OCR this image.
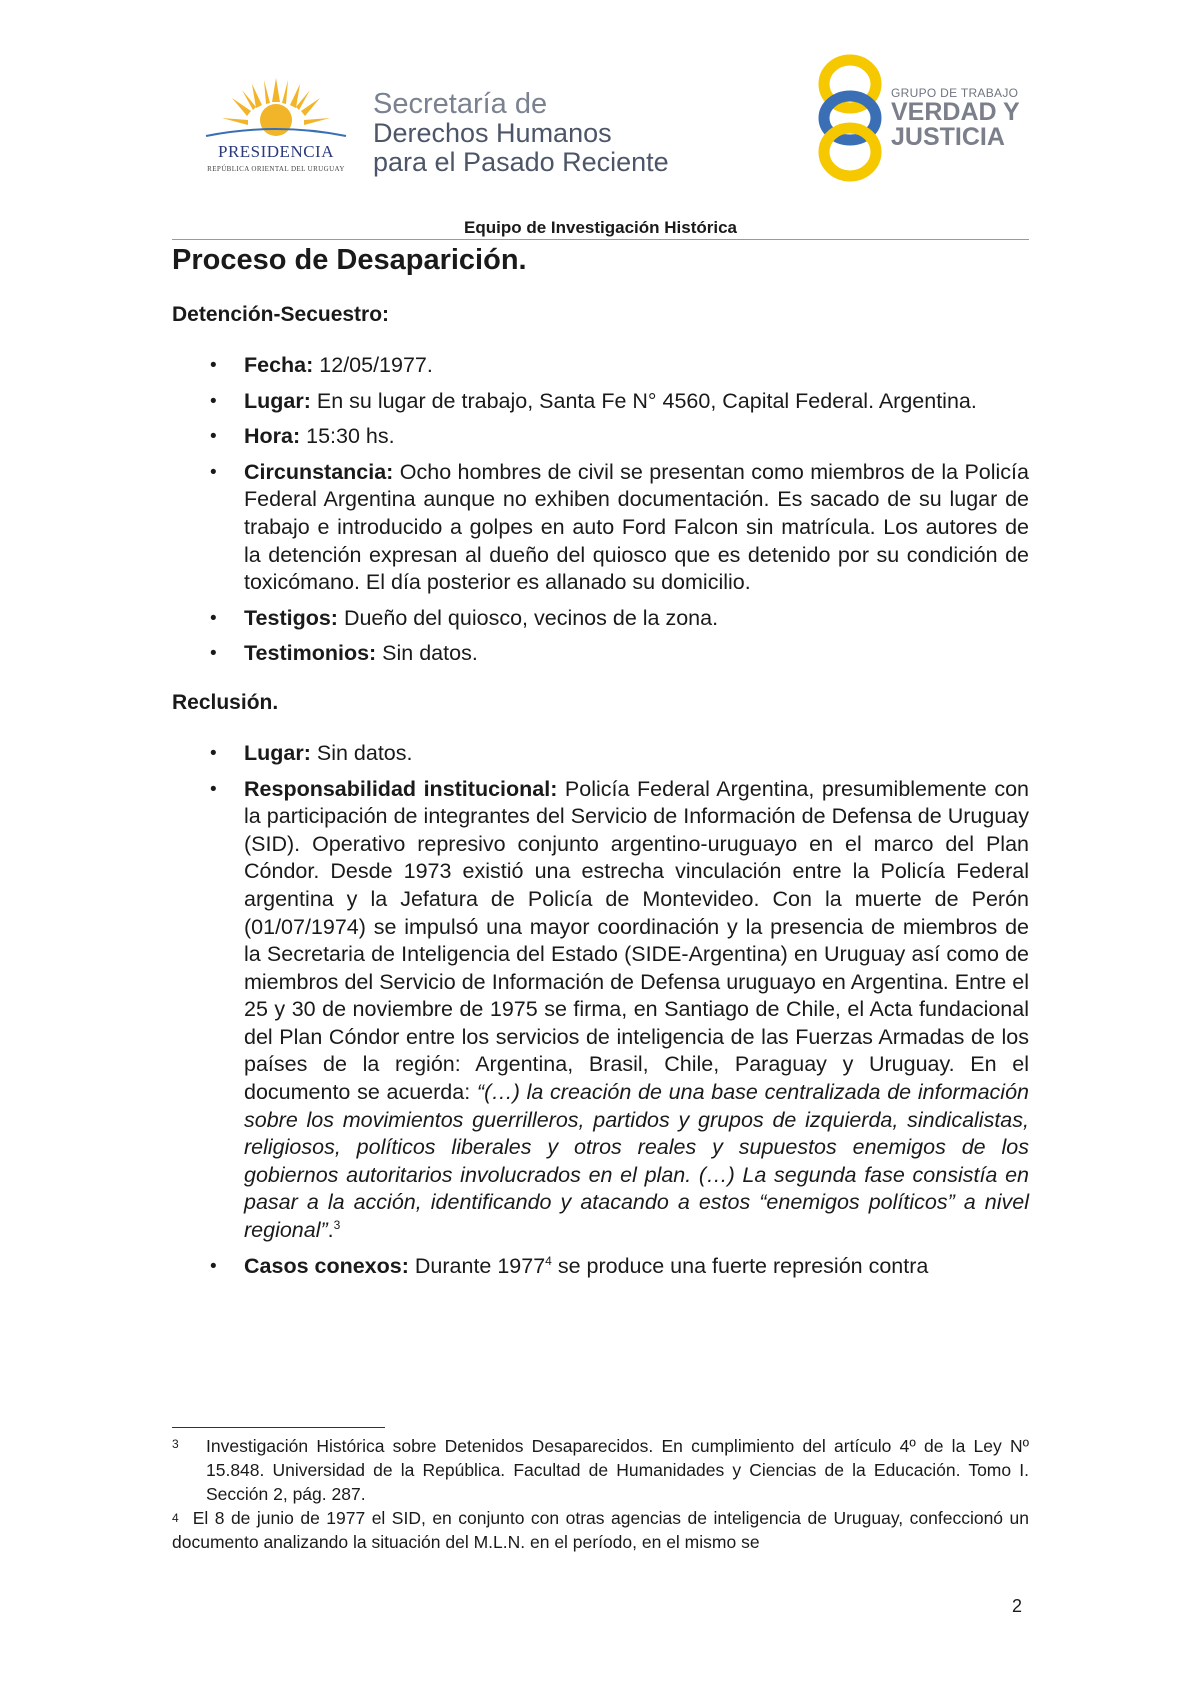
PRESIDENCIA
REPÚBLICA ORIENTAL DEL URUGUAY
Secretaría de
Derechos Humanos
para el Pasado Reciente
GRUPO DE TRABAJO
VERDAD Y
JUSTICIA
Equipo de Investigación Histórica
Proceso de Desaparición.
Detención-Secuestro:
• Fecha: 12/05/1977.
• Lugar: En su lugar de trabajo, Santa Fe N° 4560, Capital Federal. Argentina.
• Hora: 15:30 hs.
• Circunstancia: Ocho hombres de civil se presentan como miembros de la Policía Federal Argentina aunque no exhiben documentación. Es sacado de su lugar de trabajo e introducido a golpes en auto Ford Falcon sin matrícula. Los autores de la detención expresan al dueño del quiosco que es detenido por su condición de toxicómano. El día posterior es allanado su domicilio.
• Testigos: Dueño del quiosco, vecinos de la zona.
• Testimonios: Sin datos.
Reclusión.
• Lugar: Sin datos.
• Responsabilidad institucional: Policía Federal Argentina, presumiblemente con la participación de integrantes del Servicio de Información de Defensa de Uruguay (SID). Operativo represivo conjunto argentino-uruguayo en el marco del Plan Cóndor. Desde 1973 existió una estrecha vinculación entre la Policía Federal argentina y la Jefatura de Policía de Montevideo. Con la muerte de Perón (01/07/1974) se impulsó una mayor coordinación y la presencia de miembros de la Secretaria de Inteligencia del Estado (SIDE-Argentina) en Uruguay así como de miembros del Servicio de Información de Defensa uruguayo en Argentina. Entre el 25 y 30 de noviembre de 1975 se firma, en Santiago de Chile, el Acta fundacional del Plan Cóndor entre los servicios de inteligencia de las Fuerzas Armadas de los países de la región: Argentina, Brasil, Chile, Paraguay y Uruguay. En el documento se acuerda: “(…) la creación de una base centralizada de información sobre los movimientos guerrilleros, partidos y grupos de izquierda, sindicalistas, religiosos, políticos liberales y otros reales y supuestos enemigos de los gobiernos autoritarios involucrados en el plan. (…) La segunda fase consistía en pasar a la acción, identificando y atacando a estos “enemigos políticos” a nivel regional”.$^3$
• Casos conexos: Durante 1977$^4$ se produce una fuerte represión contra
3 Investigación Histórica sobre Detenidos Desaparecidos. En cumplimiento del artículo 4º de la Ley Nº 15.848. Universidad de la República. Facultad de Humanidades y Ciencias de la Educación. Tomo I. Sección 2, pág. 287.
$^4$ El 8 de junio de 1977 el SID, en conjunto con otras agencias de inteligencia de Uruguay, confeccionó un documento analizando la situación del M.L.N. en el período, en el mismo se
2
